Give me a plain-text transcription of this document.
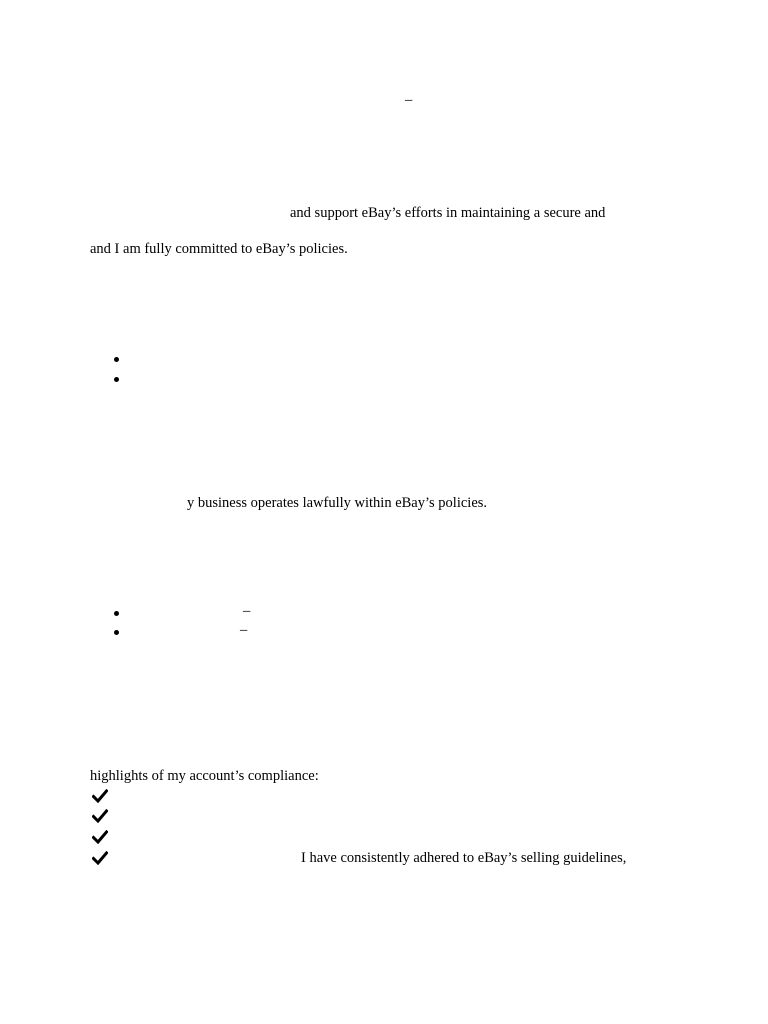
–
and support eBay’s efforts in maintaining a secure and
and I am fully committed to eBay’s policies.
y business operates lawfully within eBay’s policies.
–
–
highlights of my account’s compliance:
I have consistently adhered to eBay’s selling guidelines,
